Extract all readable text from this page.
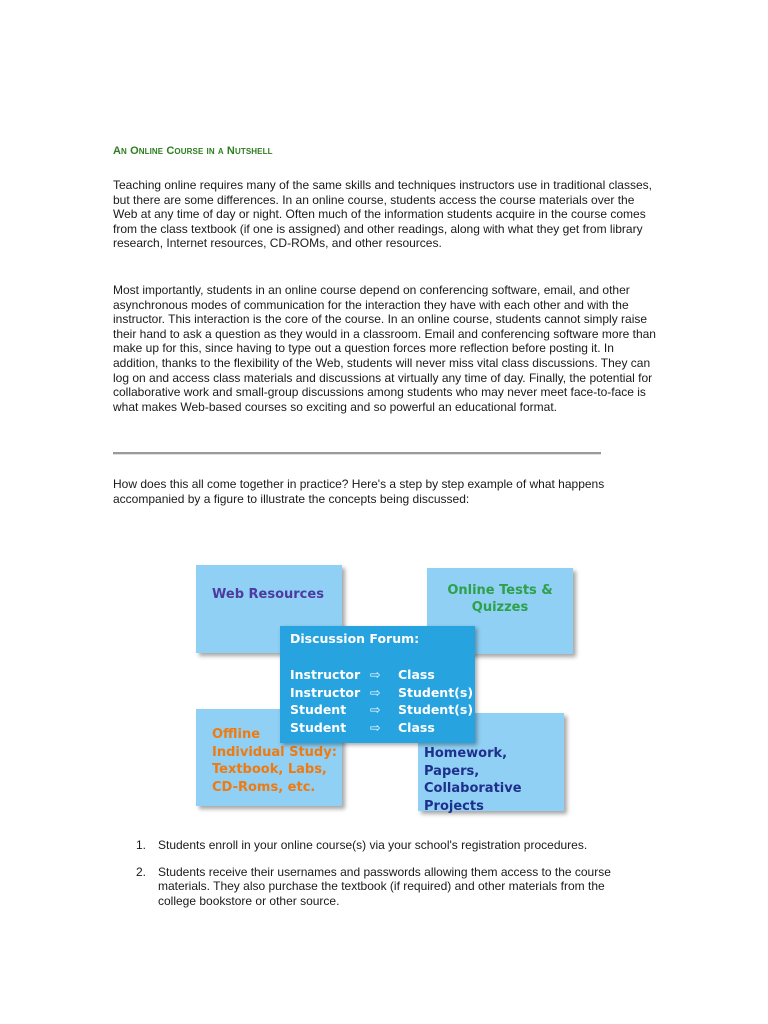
An Online Course in a Nutshell

Teaching online requires many of the same skills and techniques instructors use in traditional classes, but there are some differences. In an online course, students access the course materials over the Web at any time of day or night. Often much of the information students acquire in the course comes from the class textbook (if one is assigned) and other readings, along with what they get from library research, Internet resources, CD-ROMs, and other resources.

Most importantly, students in an online course depend on conferencing software, email, and other asynchronous modes of communication for the interaction they have with each other and with the instructor. This interaction is the core of the course. In an online course, students cannot simply raise their hand to ask a question as they would in a classroom. Email and conferencing software more than make up for this, since having to type out a question forces more reflection before posting it. In addition, thanks to the flexibility of the Web, students will never miss vital class discussions. They can log on and access class materials and discussions at virtually any time of day. Finally, the potential for collaborative work and small-group discussions among students who may never meet face-to-face is what makes Web-based courses so exciting and so powerful an educational format.

How does this all come together in practice? Here's a step by step example of what happens accompanied by a figure to illustrate the concepts being discussed:

Web Resources	Online Tests & Quizzes
Offline
Individual Study:
Textbook, Labs,
CD-Roms, etc.
Homework, Papers,
Collaborative
Projects
Discussion Forum:
Instructor ⇨ Class
Instructor ⇨ Student(s)
Student ⇨ Student(s)
Student ⇨ Class
1. Students enroll in your online course(s) via your school's registration procedures.
2. Students receive their usernames and passwords allowing them access to the course materials. They also purchase the textbook (if required) and other materials from the college bookstore or other source.
